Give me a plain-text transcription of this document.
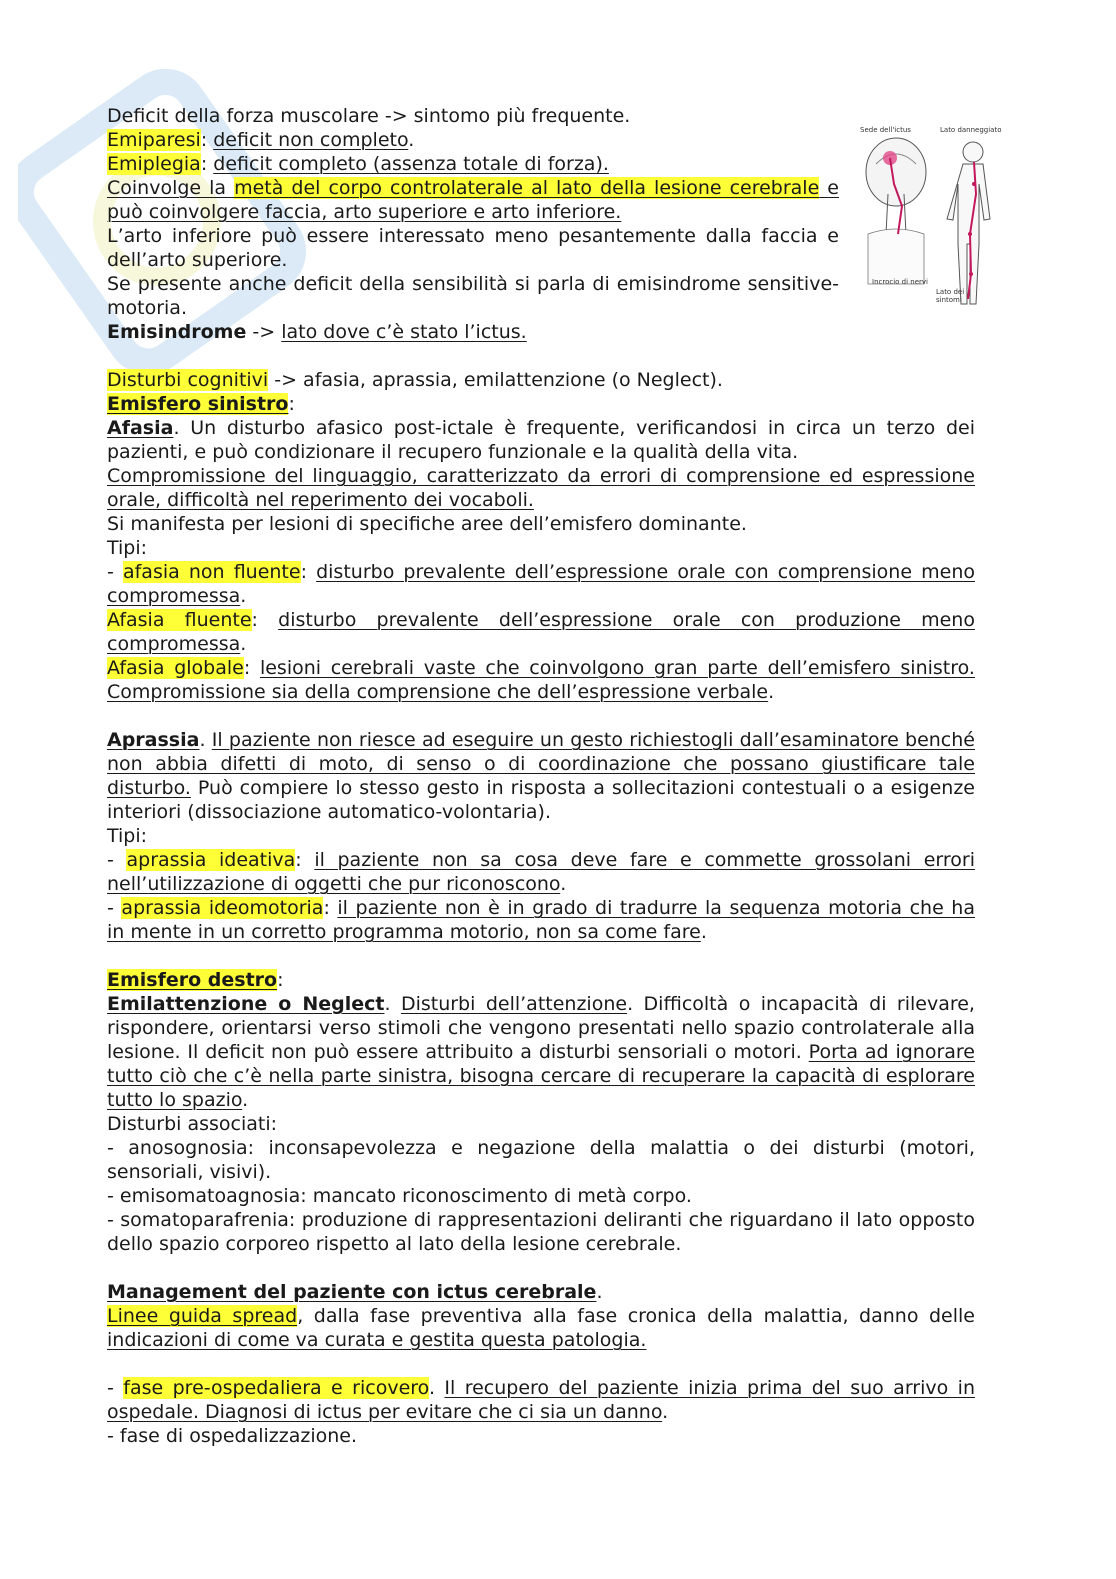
Sede dell'ictus	Lato danneggiato
Incrocio di nervi
Lato dei
sintomi

Deficit della forza muscolare -> sintomo più frequente.

Emiparesi: deficit non completo.

Emiplegia: deficit completo (assenza totale di forza).

Coinvolge la metà del corpo controlaterale al lato della lesione cerebrale e può coinvolgere faccia, arto superiore e arto inferiore.

L’arto inferiore può essere interessato meno pesantemente dalla faccia e dell’arto superiore.

Se presente anche deficit della sensibilità si parla di emisindrome sensitive-motoria.

Emisindrome -> lato dove c’è stato l’ictus.

Disturbi cognitivi -> afasia, aprassia, emilattenzione (o Neglect).

Emisfero sinistro:

Afasia. Un disturbo afasico post-ictale è frequente, verificandosi in circa un terzo dei pazienti, e può condizionare il recupero funzionale e la qualità della vita.

Compromissione del linguaggio, caratterizzato da errori di comprensione ed espressione orale, difficoltà nel reperimento dei vocaboli.

Si manifesta per lesioni di specifiche aree dell’emisfero dominante.

Tipi:

- afasia non fluente: disturbo prevalente dell’espressione orale con comprensione meno compromessa.

Afasia fluente: disturbo prevalente dell’espressione orale con produzione meno compromessa.

Afasia globale: lesioni cerebrali vaste che coinvolgono gran parte dell’emisfero sinistro. Compromissione sia della comprensione che dell’espressione verbale.

Aprassia. Il paziente non riesce ad eseguire un gesto richiestogli dall’esaminatore benché non abbia difetti di moto, di senso o di coordinazione che possano giustificare tale disturbo. Può compiere lo stesso gesto in risposta a sollecitazioni contestuali o a esigenze interiori (dissociazione automatico-volontaria).

Tipi:

- aprassia ideativa: il paziente non sa cosa deve fare e commette grossolani errori nell’utilizzazione di oggetti che pur riconoscono.

- aprassia ideomotoria: il paziente non è in grado di tradurre la sequenza motoria che ha in mente in un corretto programma motorio, non sa come fare.

Emisfero destro:

Emilattenzione o Neglect. Disturbi dell’attenzione. Difficoltà o incapacità di rilevare, rispondere, orientarsi verso stimoli che vengono presentati nello spazio controlaterale alla lesione. Il deficit non può essere attribuito a disturbi sensoriali o motori. Porta ad ignorare tutto ciò che c’è nella parte sinistra, bisogna cercare di recuperare la capacità di esplorare tutto lo spazio.

Disturbi associati:

- anosognosia: inconsapevolezza e negazione della malattia o dei disturbi (motori, sensoriali, visivi).

- emisomatoagnosia: mancato riconoscimento di metà corpo.

- somatoparafrenia: produzione di rappresentazioni deliranti che riguardano il lato opposto dello spazio corporeo rispetto al lato della lesione cerebrale.

Management del paziente con ictus cerebrale.

Linee guida spread, dalla fase preventiva alla fase cronica della malattia, danno delle indicazioni di come va curata e gestita questa patologia.

- fase pre-ospedaliera e ricovero. Il recupero del paziente inizia prima del suo arrivo in ospedale. Diagnosi di ictus per evitare che ci sia un danno.

- fase di ospedalizzazione.
